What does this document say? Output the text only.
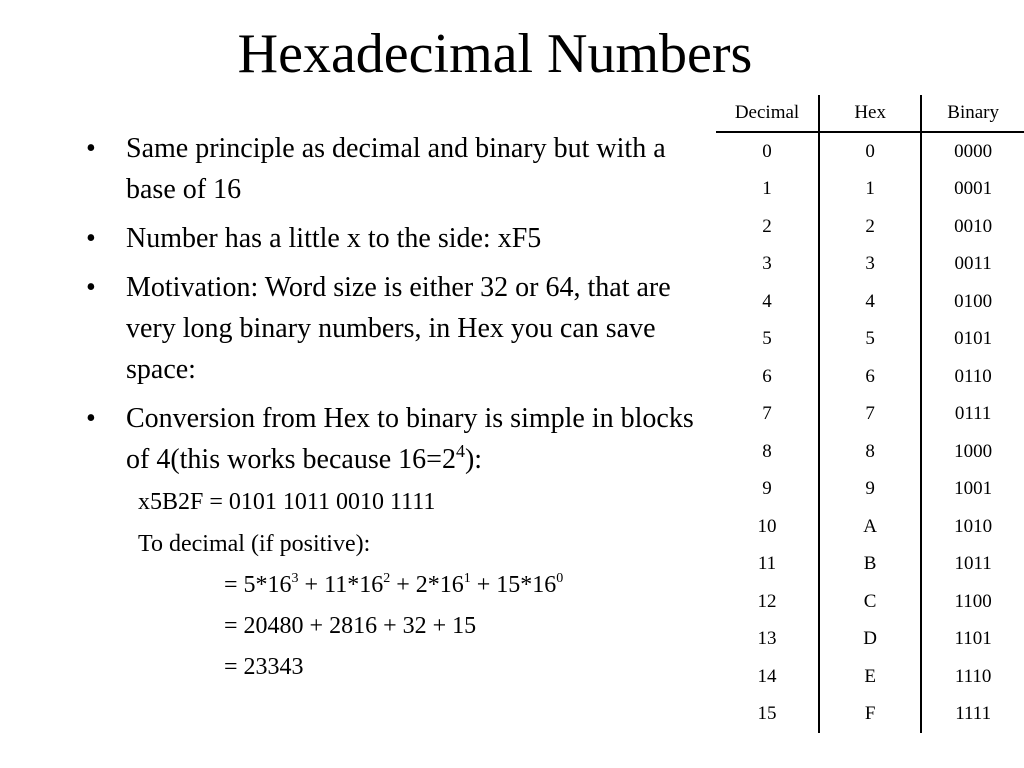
Hexadecimal Numbers
• Same principle as decimal and binary but with a base of 16
• Number has a little x to the side: xF5
• Motivation: Word size is either 32 or 64, that are very long binary numbers, in Hex you can save space:
• Conversion from Hex to binary is simple in blocks of 4(this works because $16=2^4$):
x5B2F = 0101 1011 0010 1111
To decimal (if positive):
= $5*16^3 + 11*16^2 + 2*16^1 + 15*16^0$
= 20480 + 2816 + 32 + 15
= 23343
Decimal	Hex	Binary
0	0	0000
1	1	0001
2	2	0010
3	3	0011
4	4	0100
5	5	0101
6	6	0110
7	7	0111
8	8	1000
9	9	1001
10	A	1010
11	B	1011
12	C	1100
13	D	1101
14	E	1110
15	F	1111
